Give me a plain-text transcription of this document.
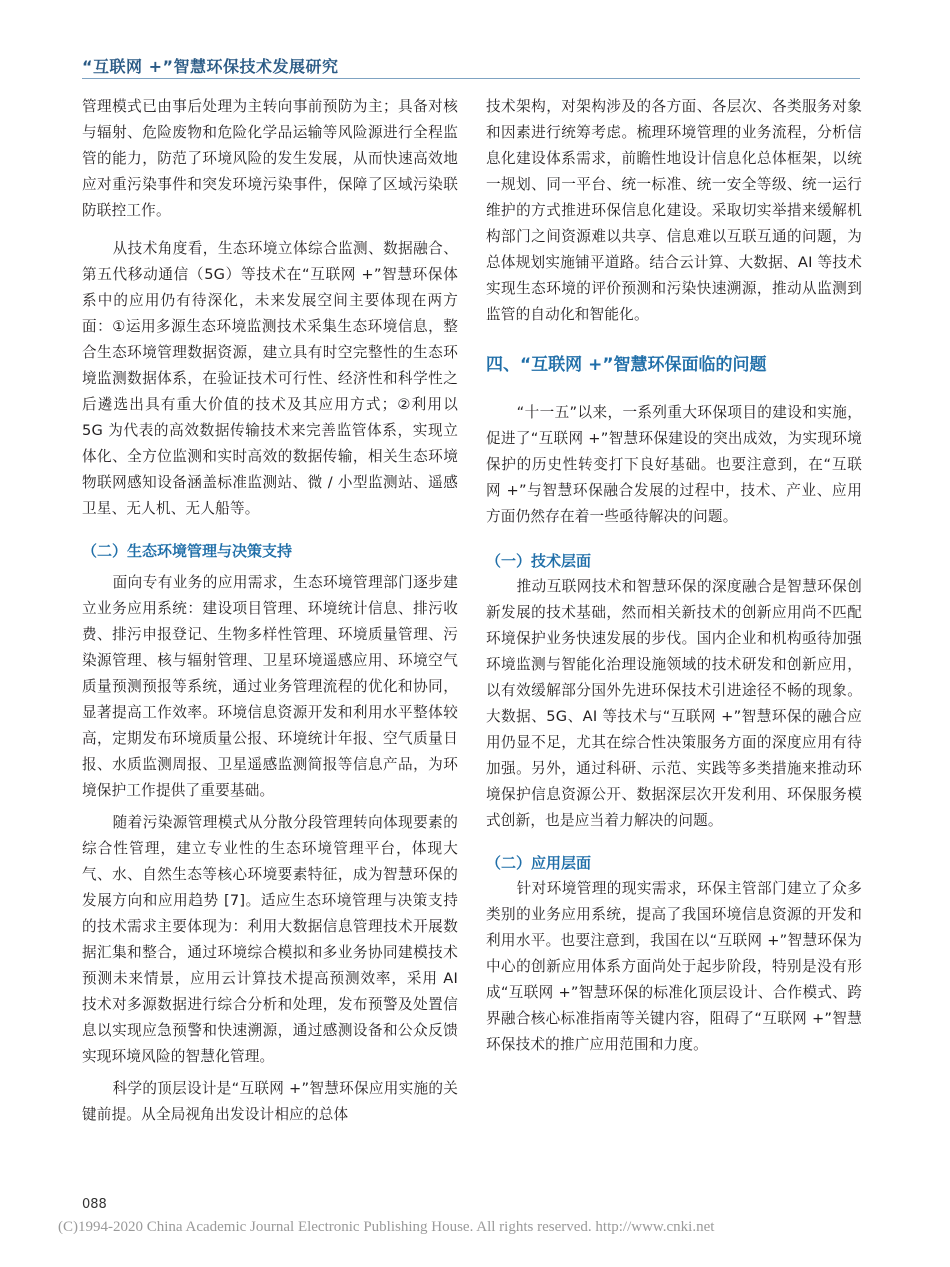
“互联网 +”智慧环保技术发展研究

管理模式已由事后处理为主转向事前预防为主；具备对核与辐射、危险废物和危险化学品运输等风险源进行全程监管的能力，防范了环境风险的发生发展，从而快速高效地应对重污染事件和突发环境污染事件，保障了区域污染联防联控工作。

从技术角度看，生态环境立体综合监测、数据融合、第五代移动通信（5G）等技术在“互联网 +”智慧环保体系中的应用仍有待深化，未来发展空间主要体现在两方面：①运用多源生态环境监测技术采集生态环境信息，整合生态环境管理数据资源，建立具有时空完整性的生态环境监测数据体系，在验证技术可行性、经济性和科学性之后遴选出具有重大价值的技术及其应用方式；②利用以 5G 为代表的高效数据传输技术来完善监管体系，实现立体化、全方位监测和实时高效的数据传输，相关生态环境物联网感知设备涵盖标准监测站、微 / 小型监测站、遥感卫星、无人机、无人船等。

（二）生态环境管理与决策支持

面向专有业务的应用需求，生态环境管理部门逐步建立业务应用系统：建设项目管理、环境统计信息、排污收费、排污申报登记、生物多样性管理、环境质量管理、污染源管理、核与辐射管理、卫星环境遥感应用、环境空气质量预测预报等系统，通过业务管理流程的优化和协同，显著提高工作效率。环境信息资源开发和利用水平整体较高，定期发布环境质量公报、环境统计年报、空气质量日报、水质监测周报、卫星遥感监测简报等信息产品，为环境保护工作提供了重要基础。

随着污染源管理模式从分散分段管理转向体现要素的综合性管理，建立专业性的生态环境管理平台，体现大气、水、自然生态等核心环境要素特征，成为智慧环保的发展方向和应用趋势 [7]。适应生态环境管理与决策支持的技术需求主要体现为：利用大数据信息管理技术开展数据汇集和整合，通过环境综合模拟和多业务协同建模技术预测未来情景，应用云计算技术提高预测效率，采用 AI 技术对多源数据进行综合分析和处理，发布预警及处置信息以实现应急预警和快速溯源，通过感测设备和公众反馈实现环境风险的智慧化管理。

科学的顶层设计是“互联网 +”智慧环保应用实施的关键前提。从全局视角出发设计相应的总体

技术架构，对架构涉及的各方面、各层次、各类服务对象和因素进行统筹考虑。梳理环境管理的业务流程，分析信息化建设体系需求，前瞻性地设计信息化总体框架，以统一规划、同一平台、统一标准、统一安全等级、统一运行维护的方式推进环保信息化建设。采取切实举措来缓解机构部门之间资源难以共享、信息难以互联互通的问题，为总体规划实施铺平道路。结合云计算、大数据、AI 等技术实现生态环境的评价预测和污染快速溯源，推动从监测到监管的自动化和智能化。

四、“互联网 +”智慧环保面临的问题

“十一五”以来，一系列重大环保项目的建设和实施，促进了“互联网 +”智慧环保建设的突出成效，为实现环境保护的历史性转变打下良好基础。也要注意到，在“互联网 +”与智慧环保融合发展的过程中，技术、产业、应用方面仍然存在着一些亟待解决的问题。

（一）技术层面

推动互联网技术和智慧环保的深度融合是智慧环保创新发展的技术基础，然而相关新技术的创新应用尚不匹配环境保护业务快速发展的步伐。国内企业和机构亟待加强环境监测与智能化治理设施领域的技术研发和创新应用，以有效缓解部分国外先进环保技术引进途径不畅的现象。大数据、5G、AI 等技术与“互联网 +”智慧环保的融合应用仍显不足，尤其在综合性决策服务方面的深度应用有待加强。另外，通过科研、示范、实践等多类措施来推动环境保护信息资源公开、数据深层次开发利用、环保服务模式创新，也是应当着力解决的问题。

（二）应用层面

针对环境管理的现实需求，环保主管部门建立了众多类别的业务应用系统，提高了我国环境信息资源的开发和利用水平。也要注意到，我国在以“互联网 +”智慧环保为中心的创新应用体系方面尚处于起步阶段，特别是没有形成“互联网 +”智慧环保的标准化顶层设计、合作模式、跨界融合核心标准指南等关键内容，阻碍了“互联网 +”智慧环保技术的推广应用范围和力度。

088
(C)1994-2020 China Academic Journal Electronic Publishing House. All rights reserved. http://www.cnki.net
